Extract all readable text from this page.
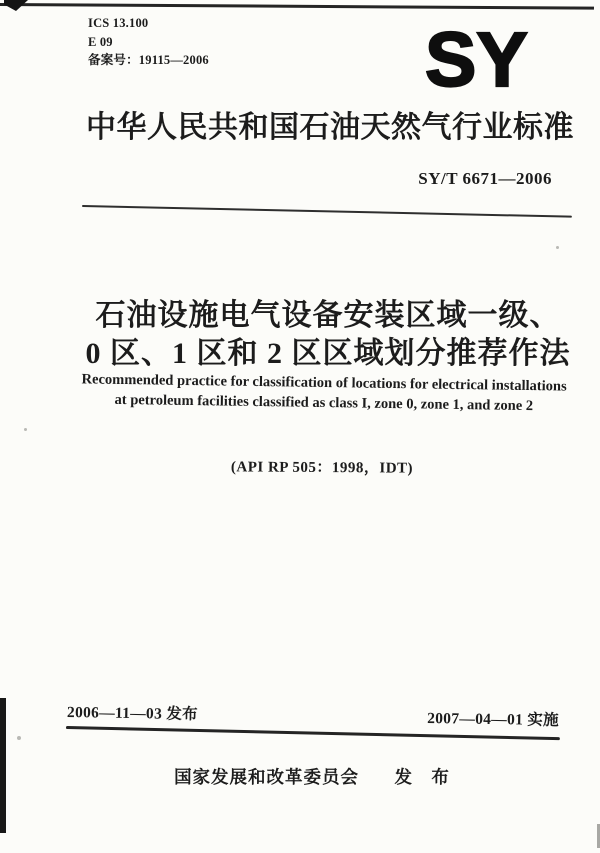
ICS 13.100
E 09
备案号：19115—2006	SY
中华人民共和国石油天然气行业标准
SY/T 6671—2006
石油设施电气设备安装区域一级、
0 区、1 区和 2 区区域划分推荐作法
Recommended practice for classification of locations for electrical installations
at petroleum facilities classified as class I, zone 0, zone 1, and zone 2
(API RP 505：1998，IDT)
2006—11—03 发布	2007—04—01 实施
国家发展和改革委员会 发　布
